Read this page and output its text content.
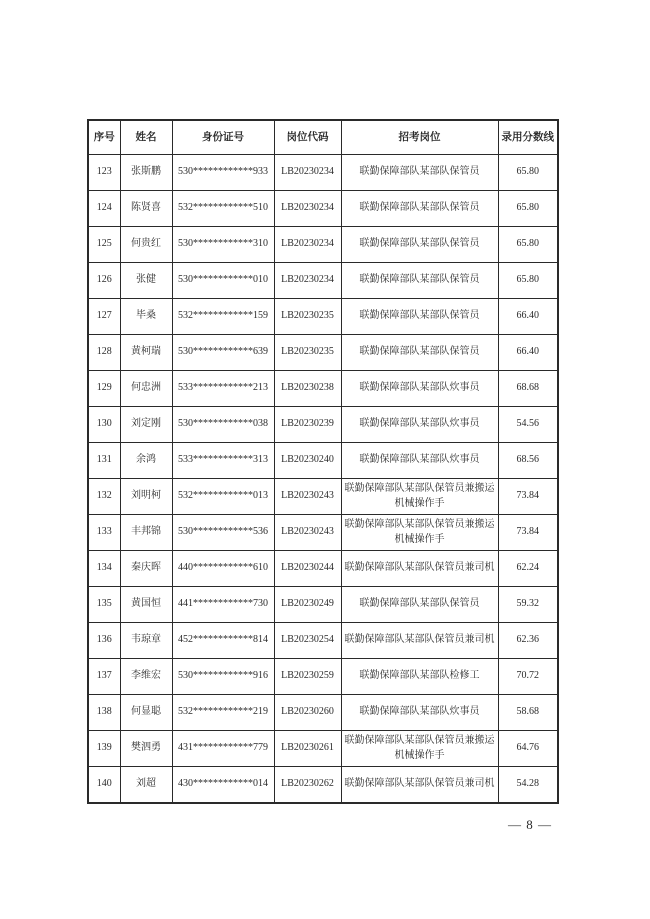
序号	姓名	身份证号	岗位代码	招考岗位	录用分数线
123	张斯鹏	530************933	LB20230234	联勤保障部队某部队保管员	65.80
124	陈贤喜	532************510	LB20230234	联勤保障部队某部队保管员	65.80
125	何贵红	530************310	LB20230234	联勤保障部队某部队保管员	65.80
126	张健	530************010	LB20230234	联勤保障部队某部队保管员	65.80
127	毕桑	532************159	LB20230235	联勤保障部队某部队保管员	66.40
128	黄柯瑞	530************639	LB20230235	联勤保障部队某部队保管员	66.40
129	何忠洲	533************213	LB20230238	联勤保障部队某部队炊事员	68.68
130	刘定刚	530************038	LB20230239	联勤保障部队某部队炊事员	54.56
131	余鸿	533************313	LB20230240	联勤保障部队某部队炊事员	68.56
132	刘明柯	532************013	LB20230243	联勤保障部队某部队保管员兼搬运机械操作手	73.84
133	丰邦锦	530************536	LB20230243	联勤保障部队某部队保管员兼搬运机械操作手	73.84
134	秦庆晖	440************610	LB20230244	联勤保障部队某部队保管员兼司机	62.24
135	黄国恒	441************730	LB20230249	联勤保障部队某部队保管员	59.32
136	韦琼章	452************814	LB20230254	联勤保障部队某部队保管员兼司机	62.36
137	李维宏	530************916	LB20230259	联勤保障部队某部队检修工	70.72
138	何显聪	532************219	LB20230260	联勤保障部队某部队炊事员	58.68
139	樊泗勇	431************779	LB20230261	联勤保障部队某部队保管员兼搬运机械操作手	64.76
140	刘超	430************014	LB20230262	联勤保障部队某部队保管员兼司机	54.28
— 8 —
